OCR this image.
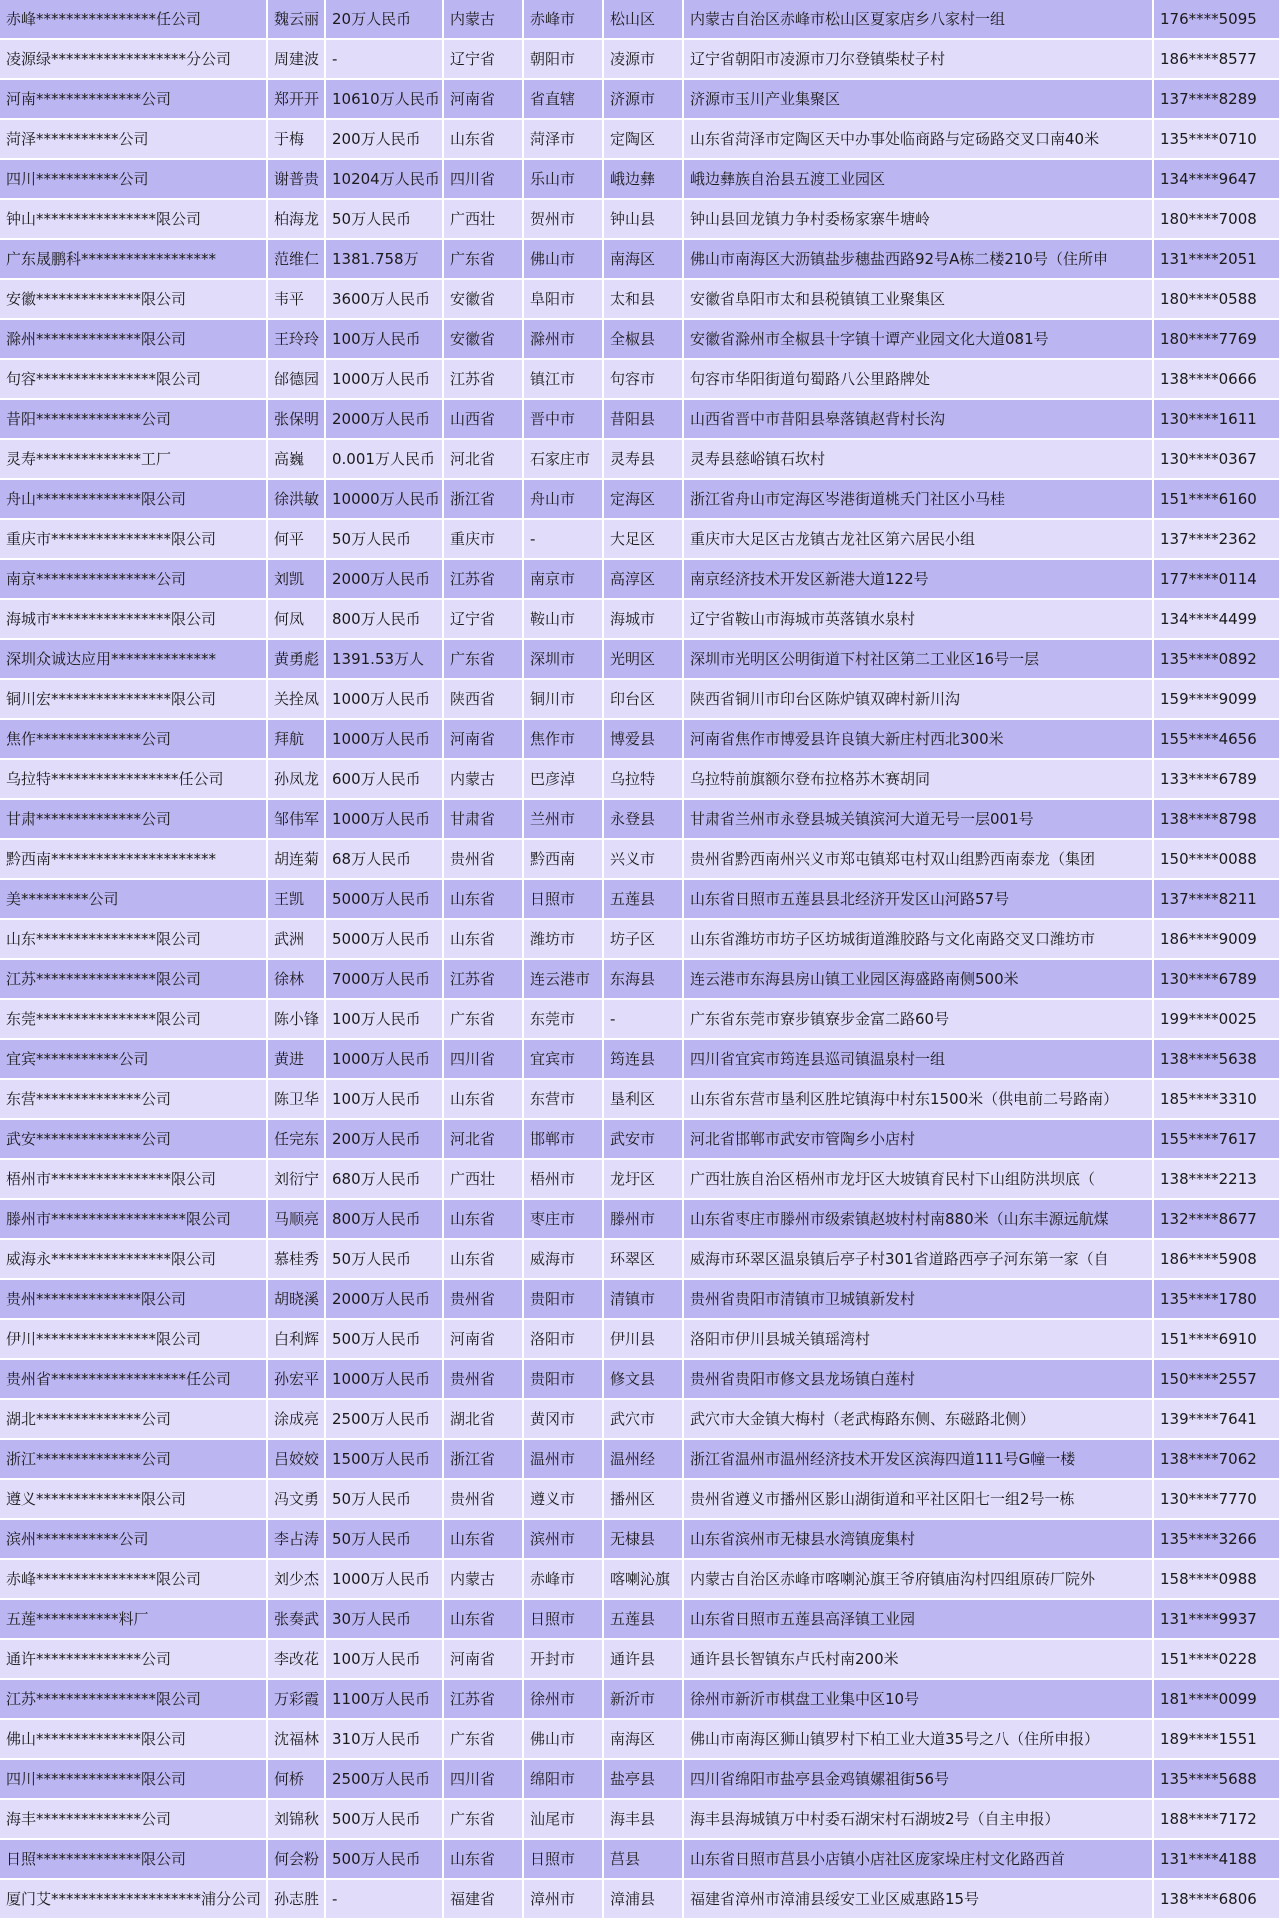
赤峰****************任公司	魏云丽	20万人民币	内蒙古	赤峰市	松山区	内蒙古自治区赤峰市松山区夏家店乡八家村一组	176****5095
凌源绿******************分公司	周建波	-	辽宁省	朝阳市	凌源市	辽宁省朝阳市凌源市刀尔登镇柴杖子村	186****8577
河南**************公司	郑开开	10610万人民币	河南省	省直辖	济源市	济源市玉川产业集聚区	137****8289
菏泽***********公司	于梅	200万人民币	山东省	菏泽市	定陶区	山东省菏泽市定陶区天中办事处临商路与定砀路交叉口南40米	135****0710
四川***********公司	谢普贵	10204万人民币	四川省	乐山市	峨边彝	峨边彝族自治县五渡工业园区	134****9647
钟山****************限公司	柏海龙	50万人民币	广西壮	贺州市	钟山县	钟山县回龙镇力争村委杨家寨牛塘岭	180****7008
广东晟鹏科******************	范维仁	1381.758万	广东省	佛山市	南海区	佛山市南海区大沥镇盐步穗盐西路92号A栋二楼210号（住所申	131****2051
安徽**************限公司	韦平	3600万人民币	安徽省	阜阳市	太和县	安徽省阜阳市太和县税镇镇工业聚集区	180****0588
滁州**************限公司	王玲玲	100万人民币	安徽省	滁州市	全椒县	安徽省滁州市全椒县十字镇十谭产业园文化大道081号	180****7769
句容****************限公司	邰德园	1000万人民币	江苏省	镇江市	句容市	句容市华阳街道句蜀路八公里路牌处	138****0666
昔阳**************公司	张保明	2000万人民币	山西省	晋中市	昔阳县	山西省晋中市昔阳县皋落镇赵背村长沟	130****1611
灵寿**************工厂	高巍	0.001万人民币	河北省	石家庄市	灵寿县	灵寿县慈峪镇石坎村	130****0367
舟山**************限公司	徐洪敏	10000万人民币	浙江省	舟山市	定海区	浙江省舟山市定海区岑港街道桃夭门社区小马桂	151****6160
重庆市****************限公司	何平	50万人民币	重庆市	-	大足区	重庆市大足区古龙镇古龙社区第六居民小组	137****2362
南京****************公司	刘凯	2000万人民币	江苏省	南京市	高淳区	南京经济技术开发区新港大道122号	177****0114
海城市****************限公司	何凤	800万人民币	辽宁省	鞍山市	海城市	辽宁省鞍山市海城市英落镇水泉村	134****4499
深圳众诚达应用**************	黄勇彪	1391.53万人	广东省	深圳市	光明区	深圳市光明区公明街道下村社区第二工业区16号一层	135****0892
铜川宏****************限公司	关拴凤	1000万人民币	陕西省	铜川市	印台区	陕西省铜川市印台区陈炉镇双碑村新川沟	159****9099
焦作**************公司	拜航	1000万人民币	河南省	焦作市	博爱县	河南省焦作市博爱县许良镇大新庄村西北300米	155****4656
乌拉特*****************任公司	孙凤龙	600万人民币	内蒙古	巴彦淖	乌拉特	乌拉特前旗额尔登布拉格苏木赛胡同	133****6789
甘肃**************公司	邹伟军	1000万人民币	甘肃省	兰州市	永登县	甘肃省兰州市永登县城关镇滨河大道无号一层001号	138****8798
黔西南**********************	胡连菊	68万人民币	贵州省	黔西南	兴义市	贵州省黔西南州兴义市郑屯镇郑屯村双山组黔西南泰龙（集团	150****0088
美*********公司	王凯	5000万人民币	山东省	日照市	五莲县	山东省日照市五莲县县北经济开发区山河路57号	137****8211
山东****************限公司	武洲	5000万人民币	山东省	潍坊市	坊子区	山东省潍坊市坊子区坊城街道潍胶路与文化南路交叉口潍坊市	186****9009
江苏****************限公司	徐林	7000万人民币	江苏省	连云港市	东海县	连云港市东海县房山镇工业园区海盛路南侧500米	130****6789
东莞****************限公司	陈小锋	100万人民币	广东省	东莞市	-	广东省东莞市寮步镇寮步金富二路60号	199****0025
宜宾***********公司	黄进	1000万人民币	四川省	宜宾市	筠连县	四川省宜宾市筠连县巡司镇温泉村一组	138****5638
东营**************公司	陈卫华	100万人民币	山东省	东营市	垦利区	山东省东营市垦利区胜坨镇海中村东1500米（供电前二号路南）	185****3310
武安**************公司	任完东	200万人民币	河北省	邯郸市	武安市	河北省邯郸市武安市管陶乡小店村	155****7617
梧州市****************限公司	刘衍宁	680万人民币	广西壮	梧州市	龙圩区	广西壮族自治区梧州市龙圩区大坡镇育民村下山组防洪坝底（	138****2213
滕州市******************限公司	马顺亮	800万人民币	山东省	枣庄市	滕州市	山东省枣庄市滕州市级索镇赵坡村村南880米（山东丰源远航煤	132****8677
威海永****************限公司	慕桂秀	50万人民币	山东省	威海市	环翠区	威海市环翠区温泉镇后亭子村301省道路西亭子河东第一家（自	186****5908
贵州**************限公司	胡晓溪	2000万人民币	贵州省	贵阳市	清镇市	贵州省贵阳市清镇市卫城镇新发村	135****1780
伊川****************限公司	白利辉	500万人民币	河南省	洛阳市	伊川县	洛阳市伊川县城关镇瑶湾村	151****6910
贵州省******************任公司	孙宏平	1000万人民币	贵州省	贵阳市	修文县	贵州省贵阳市修文县龙场镇白莲村	150****2557
湖北**************公司	涂成亮	2500万人民币	湖北省	黄冈市	武穴市	武穴市大金镇大梅村（老武梅路东侧、东磁路北侧）	139****7641
浙江**************公司	吕姣姣	1500万人民币	浙江省	温州市	温州经	浙江省温州市温州经济技术开发区滨海四道111号G幢一楼	138****7062
遵义**************限公司	冯文勇	50万人民币	贵州省	遵义市	播州区	贵州省遵义市播州区影山湖街道和平社区阳七一组2号一栋	130****7770
滨州***********公司	李占涛	50万人民币	山东省	滨州市	无棣县	山东省滨州市无棣县水湾镇庞集村	135****3266
赤峰****************限公司	刘少杰	1000万人民币	内蒙古	赤峰市	喀喇沁旗	内蒙古自治区赤峰市喀喇沁旗王爷府镇庙沟村四组原砖厂院外	158****0988
五莲***********料厂	张奏武	30万人民币	山东省	日照市	五莲县	山东省日照市五莲县高泽镇工业园	131****9937
通许**************公司	李改花	100万人民币	河南省	开封市	通许县	通许县长智镇东卢氏村南200米	151****0228
江苏****************限公司	万彩霞	1100万人民币	江苏省	徐州市	新沂市	徐州市新沂市棋盘工业集中区10号	181****0099
佛山**************限公司	沈福林	310万人民币	广东省	佛山市	南海区	佛山市南海区狮山镇罗村下柏工业大道35号之八（住所申报）	189****1551
四川**************限公司	何桥	2500万人民币	四川省	绵阳市	盐亭县	四川省绵阳市盐亭县金鸡镇嫘祖街56号	135****5688
海丰**************公司	刘锦秋	500万人民币	广东省	汕尾市	海丰县	海丰县海城镇万中村委石湖宋村石湖坡2号（自主申报）	188****7172
日照**************限公司	何会粉	500万人民币	山东省	日照市	莒县	山东省日照市莒县小店镇小店社区庞家垛庄村文化路西首	131****4188
厦门艾********************浦分公司	孙志胜	-	福建省	漳州市	漳浦县	福建省漳州市漳浦县绥安工业区威惠路15号	138****6806
